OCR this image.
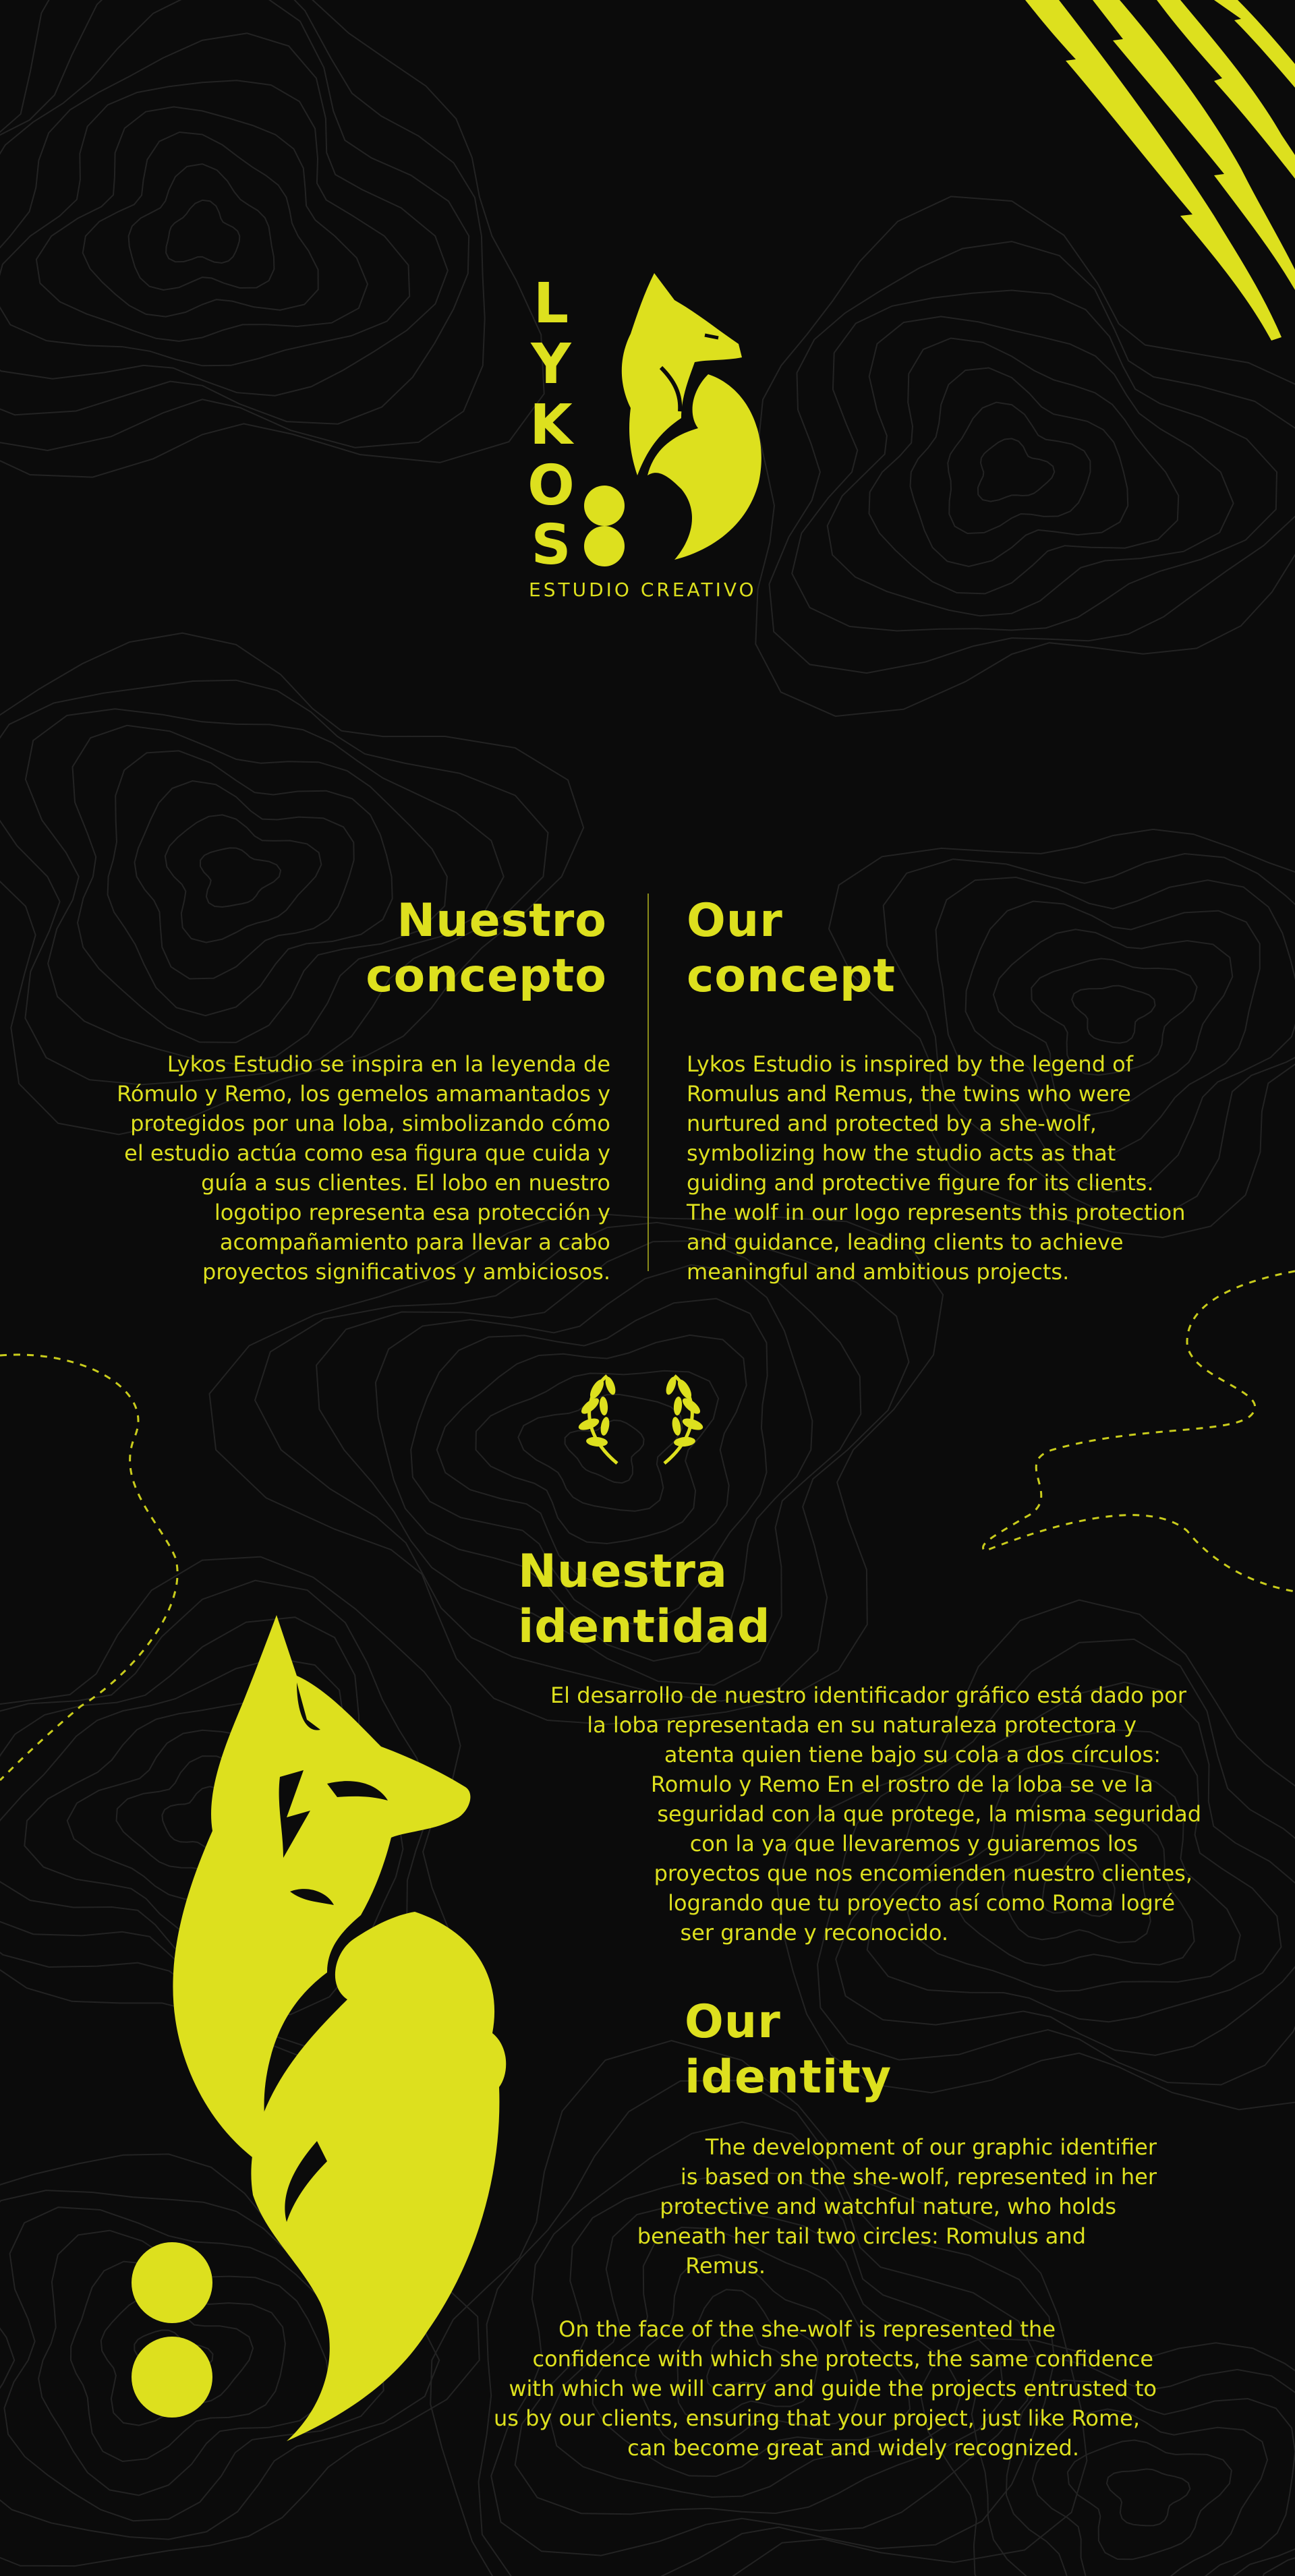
L
Y
K
O
S
ESTUDIO CREATIVO
Nuestro
concepto
Our
concept
Lykos Estudio se inspira en la leyenda de
Rómulo y Remo, los gemelos amamantados y
protegidos por una loba, simbolizando cómo
el estudio actúa como esa figura que cuida y
guía a sus clientes. El lobo en nuestro
logotipo representa esa protección y
acompañamiento para llevar a cabo
proyectos significativos y ambiciosos.
Lykos Estudio is inspired by the legend of
Romulus and Remus, the twins who were
nurtured and protected by a she-wolf,
symbolizing how the studio acts as that
guiding and protective figure for its clients.
The wolf in our logo represents this protection
and guidance, leading clients to achieve
meaningful and ambitious projects.
Nuestra
identidad
El desarrollo de nuestro identificador gráfico está dado por
la loba representada en su naturaleza protectora y
atenta quien tiene bajo su cola a dos círculos:
Romulo y Remo En el rostro de la loba se ve la
seguridad con la que protege, la misma seguridad
con la ya que llevaremos y guiaremos los
proyectos que nos encomienden nuestro clientes,
logrando que tu proyecto así como Roma logré
ser grande y reconocido.
Our
identity
The development of our graphic identifier
is based on the she-wolf, represented in her
protective and watchful nature, who holds
beneath her tail two circles: Romulus and
Remus.
On the face of the she-wolf is represented the
confidence with which she protects, the same confidence
with which we will carry and guide the projects entrusted to
us by our clients, ensuring that your project, just like Rome,
can become great and widely recognized.
